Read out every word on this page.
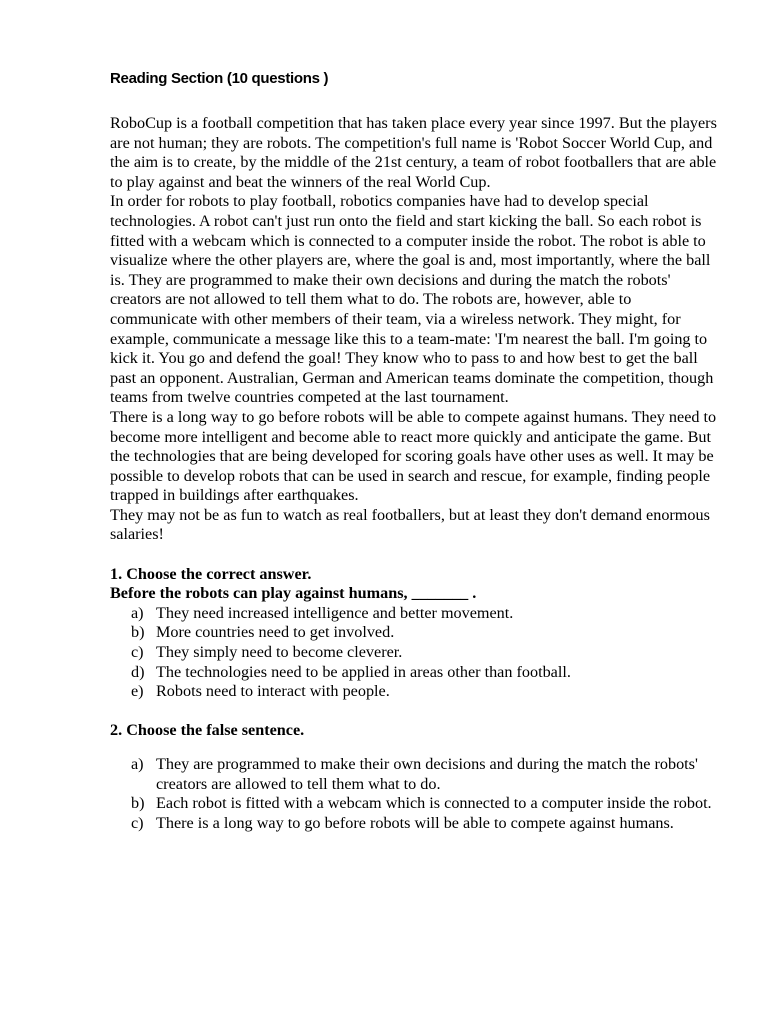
Reading Section (10 questions )

RoboCup is a football competition that has taken place every year since 1997. But the players are not human; they are robots. The competition's full name is 'Robot Soccer World Cup, and the aim is to create, by the middle of the 21st century, a team of robot footballers that are able to play against and beat the winners of the real World Cup.

In order for robots to play football, robotics companies have had to develop special technologies. A robot can't just run onto the field and start kicking the ball. So each robot is fitted with a webcam which is connected to a computer inside the robot. The robot is able to visualize where the other players are, where the goal is and, most importantly, where the ball is. They are programmed to make their own decisions and during the match the robots' creators are not allowed to tell them what to do. The robots are, however, able to communicate with other members of their team, via a wireless network. They might, for example, communicate a message like this to a team-mate: 'I'm nearest the ball. I'm going to kick it. You go and defend the goal! They know who to pass to and how best to get the ball past an opponent. Australian, German and American teams dominate the competition, though teams from twelve countries competed at the last tournament.

There is a long way to go before robots will be able to compete against humans. They need to become more intelligent and become able to react more quickly and anticipate the game. But the technologies that are being developed for scoring goals have other uses as well. It may be possible to develop robots that can be used in search and rescue, for example, finding people trapped in buildings after earthquakes.

They may not be as fun to watch as real footballers, but at least they don't demand enormous salaries!

1. Choose the correct answer.

Before the robots can play against humans, _______ .

a) They need increased intelligence and better movement.
b) More countries need to get involved.
c) They simply need to become cleverer.
d) The technologies need to be applied in areas other than football.
e) Robots need to interact with people.

2. Choose the false sentence.

a) They are programmed to make their own decisions and during the match the robots' creators are allowed to tell them what to do.
b) Each robot is fitted with a webcam which is connected to a computer inside the robot.
c) There is a long way to go before robots will be able to compete against humans.
